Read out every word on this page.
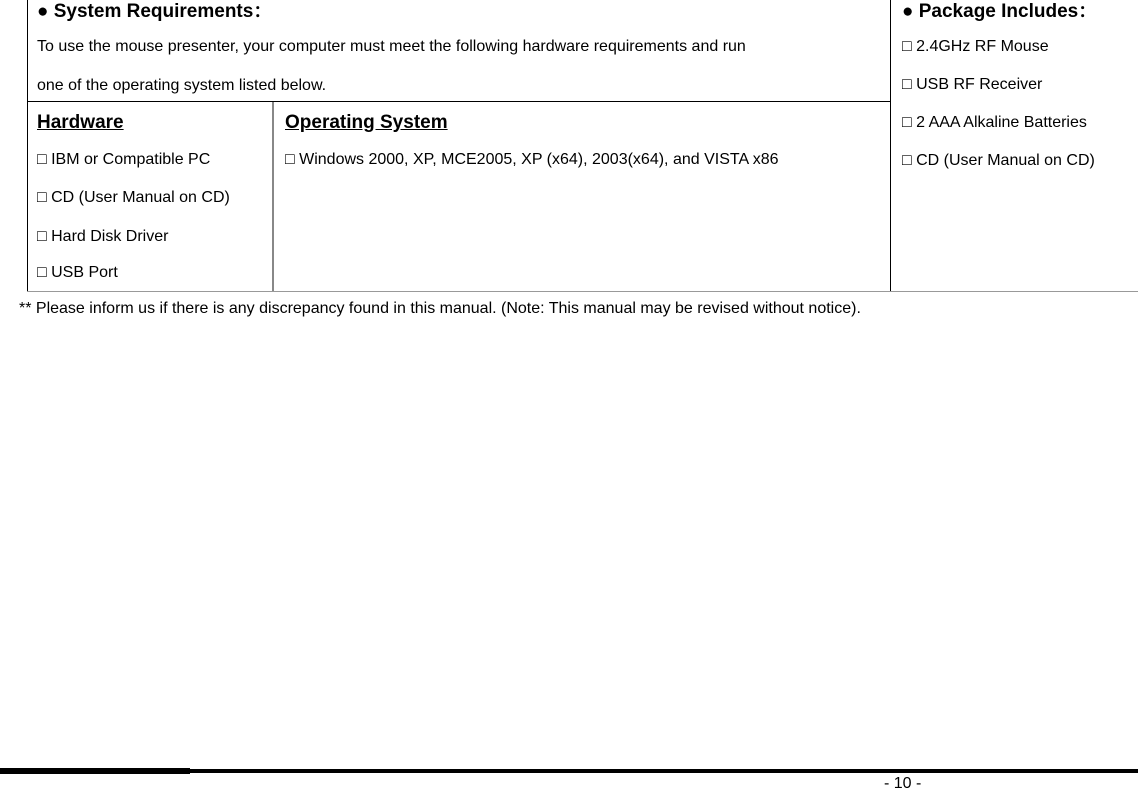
● System Requirements：
To use the mouse presenter, your computer must meet the following hardware requirements and run
one of the operating system listed below.
Hardware
□ IBM or Compatible PC
□ CD (User Manual on CD)
□ Hard Disk Driver
□ USB Port
Operating System
□ Windows 2000, XP, MCE2005, XP (x64), 2003(x64), and VISTA x86
● Package Includes：
□ 2.4GHz RF Mouse
□ USB RF Receiver
□ 2 AAA Alkaline Batteries
□ CD (User Manual on CD)
** Please inform us if there is any discrepancy found in this manual. (Note: This manual may be revised without notice).
- 10 -
